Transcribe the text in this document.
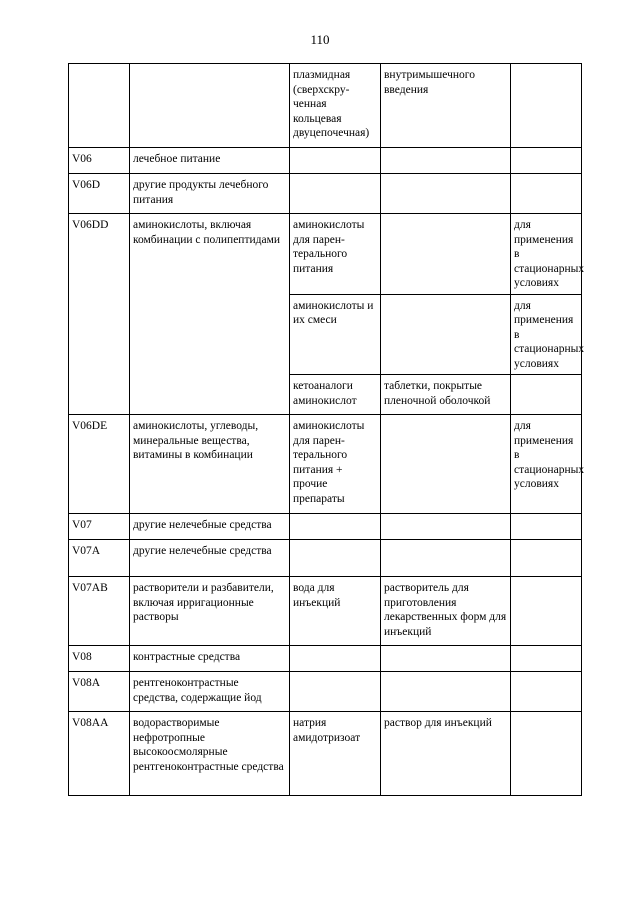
110
		плазмидная (сверхскру-ченная кольцевая двуцепочечная)	внутримышечного введения	
V06	лечебное питание			
V06D	другие продукты лечебного питания			
V06DD	аминокислоты, включая комбинации с полипептидами	аминокислоты для парен-терального питания		для применения в стационарных условиях
		аминокислоты и их смеси		для применения в стационарных условиях
		кетоаналоги аминокислот	таблетки, покрытые пленочной оболочкой	
V06DE	аминокислоты, углеводы, минеральные вещества, витамины в комбинации	аминокислоты для парен-терального питания + прочие препараты		для применения в стационарных условиях
V07	другие нелечебные средства			
V07A	другие нелечебные средства			
V07AB	растворители и разбавители, включая ирригационные растворы	вода для инъекций	растворитель для приготовления лекарственных форм для инъекций	
V08	контрастные средства			
V08A	рентгеноконтрастные средства, содержащие йод			
V08AA	водорастворимые нефротропные высокоосмолярные рентгеноконтрастные средства	натрия амидотризоат	раствор для инъекций	
